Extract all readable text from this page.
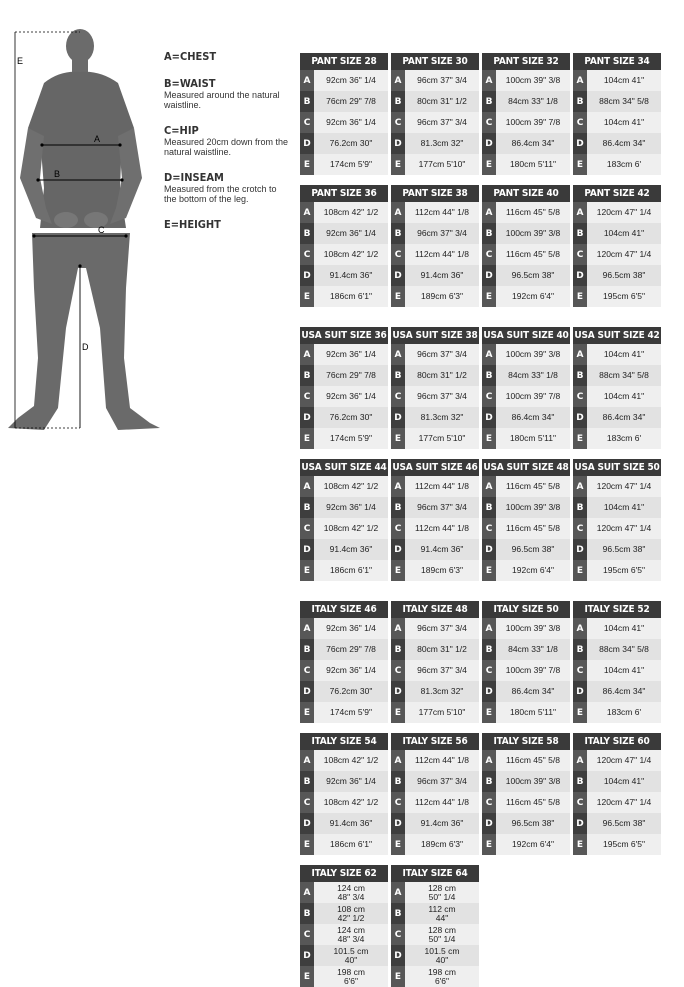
A
B
C
D
E	A=CHEST
B=WAIST
Measured around the natural waistline.
C=HIP
Measured 20cm down from the natural waistline.
D=INSEAM
Measured from the crotch to the bottom of the leg.
E=HEIGHT
PANT SIZE 28
A	92cm 36" 1/4
B	76cm 29" 7/8
C	92cm 36" 1/4
D	76.2cm 30"
E	174cm 5'9"
PANT SIZE 30
A	96cm 37" 3/4
B	80cm 31" 1/2
C	96cm 37" 3/4
D	81.3cm 32"
E	177cm 5'10"
PANT SIZE 32
A	100cm 39" 3/8
B	84cm 33" 1/8
C	100cm 39" 7/8
D	86.4cm 34"
E	180cm 5'11"
PANT SIZE 34
A	104cm 41"
B	88cm 34" 5/8
C	104cm 41"
D	86.4cm 34"
E	183cm 6'
PANT SIZE 36
A	108cm 42" 1/2
B	92cm 36" 1/4
C	108cm 42" 1/2
D	91.4cm 36"
E	186cm 6'1"
PANT SIZE 38
A	112cm 44" 1/8
B	96cm 37" 3/4
C	112cm 44" 1/8
D	91.4cm 36"
E	189cm 6'3"
PANT SIZE 40
A	116cm 45" 5/8
B	100cm 39" 3/8
C	116cm 45" 5/8
D	96.5cm 38"
E	192cm 6'4"
PANT SIZE 42
A	120cm 47" 1/4
B	104cm 41"
C	120cm 47" 1/4
D	96.5cm 38"
E	195cm 6'5"
USA SUIT SIZE 36
A	92cm 36" 1/4
B	76cm 29" 7/8
C	92cm 36" 1/4
D	76.2cm 30"
E	174cm 5'9"
USA SUIT SIZE 38
A	96cm 37" 3/4
B	80cm 31" 1/2
C	96cm 37" 3/4
D	81.3cm 32"
E	177cm 5'10"
USA SUIT SIZE 40
A	100cm 39" 3/8
B	84cm 33" 1/8
C	100cm 39" 7/8
D	86.4cm 34"
E	180cm 5'11"
USA SUIT SIZE 42
A	104cm 41"
B	88cm 34" 5/8
C	104cm 41"
D	86.4cm 34"
E	183cm 6'
USA SUIT SIZE 44
A	108cm 42" 1/2
B	92cm 36" 1/4
C	108cm 42" 1/2
D	91.4cm 36"
E	186cm 6'1"
USA SUIT SIZE 46
A	112cm 44" 1/8
B	96cm 37" 3/4
C	112cm 44" 1/8
D	91.4cm 36"
E	189cm 6'3"
USA SUIT SIZE 48
A	116cm 45" 5/8
B	100cm 39" 3/8
C	116cm 45" 5/8
D	96.5cm 38"
E	192cm 6'4"
USA SUIT SIZE 50
A	120cm 47" 1/4
B	104cm 41"
C	120cm 47" 1/4
D	96.5cm 38"
E	195cm 6'5"
ITALY SIZE 46
A	92cm 36" 1/4
B	76cm 29" 7/8
C	92cm 36" 1/4
D	76.2cm 30"
E	174cm 5'9"
ITALY SIZE 48
A	96cm 37" 3/4
B	80cm 31" 1/2
C	96cm 37" 3/4
D	81.3cm 32"
E	177cm 5'10"
ITALY SIZE 50
A	100cm 39" 3/8
B	84cm 33" 1/8
C	100cm 39" 7/8
D	86.4cm 34"
E	180cm 5'11"
ITALY SIZE 52
A	104cm 41"
B	88cm 34" 5/8
C	104cm 41"
D	86.4cm 34"
E	183cm 6'
ITALY SIZE 54
A	108cm 42" 1/2
B	92cm 36" 1/4
C	108cm 42" 1/2
D	91.4cm 36"
E	186cm 6'1"
ITALY SIZE 56
A	112cm 44" 1/8
B	96cm 37" 3/4
C	112cm 44" 1/8
D	91.4cm 36"
E	189cm 6'3"
ITALY SIZE 58
A	116cm 45" 5/8
B	100cm 39" 3/8
C	116cm 45" 5/8
D	96.5cm 38"
E	192cm 6'4"
ITALY SIZE 60
A	120cm 47" 1/4
B	104cm 41"
C	120cm 47" 1/4
D	96.5cm 38"
E	195cm 6'5"
ITALY SIZE 62
A	124 cm
48" 3/4
B	108 cm
42" 1/2
C	124 cm
48" 3/4
D	101.5 cm
40"
E	198 cm
6'6"
ITALY SIZE 64
A	128 cm
50" 1/4
B	112 cm
44"
C	128 cm
50" 1/4
D	101.5 cm
40"
E	198 cm
6'6"
